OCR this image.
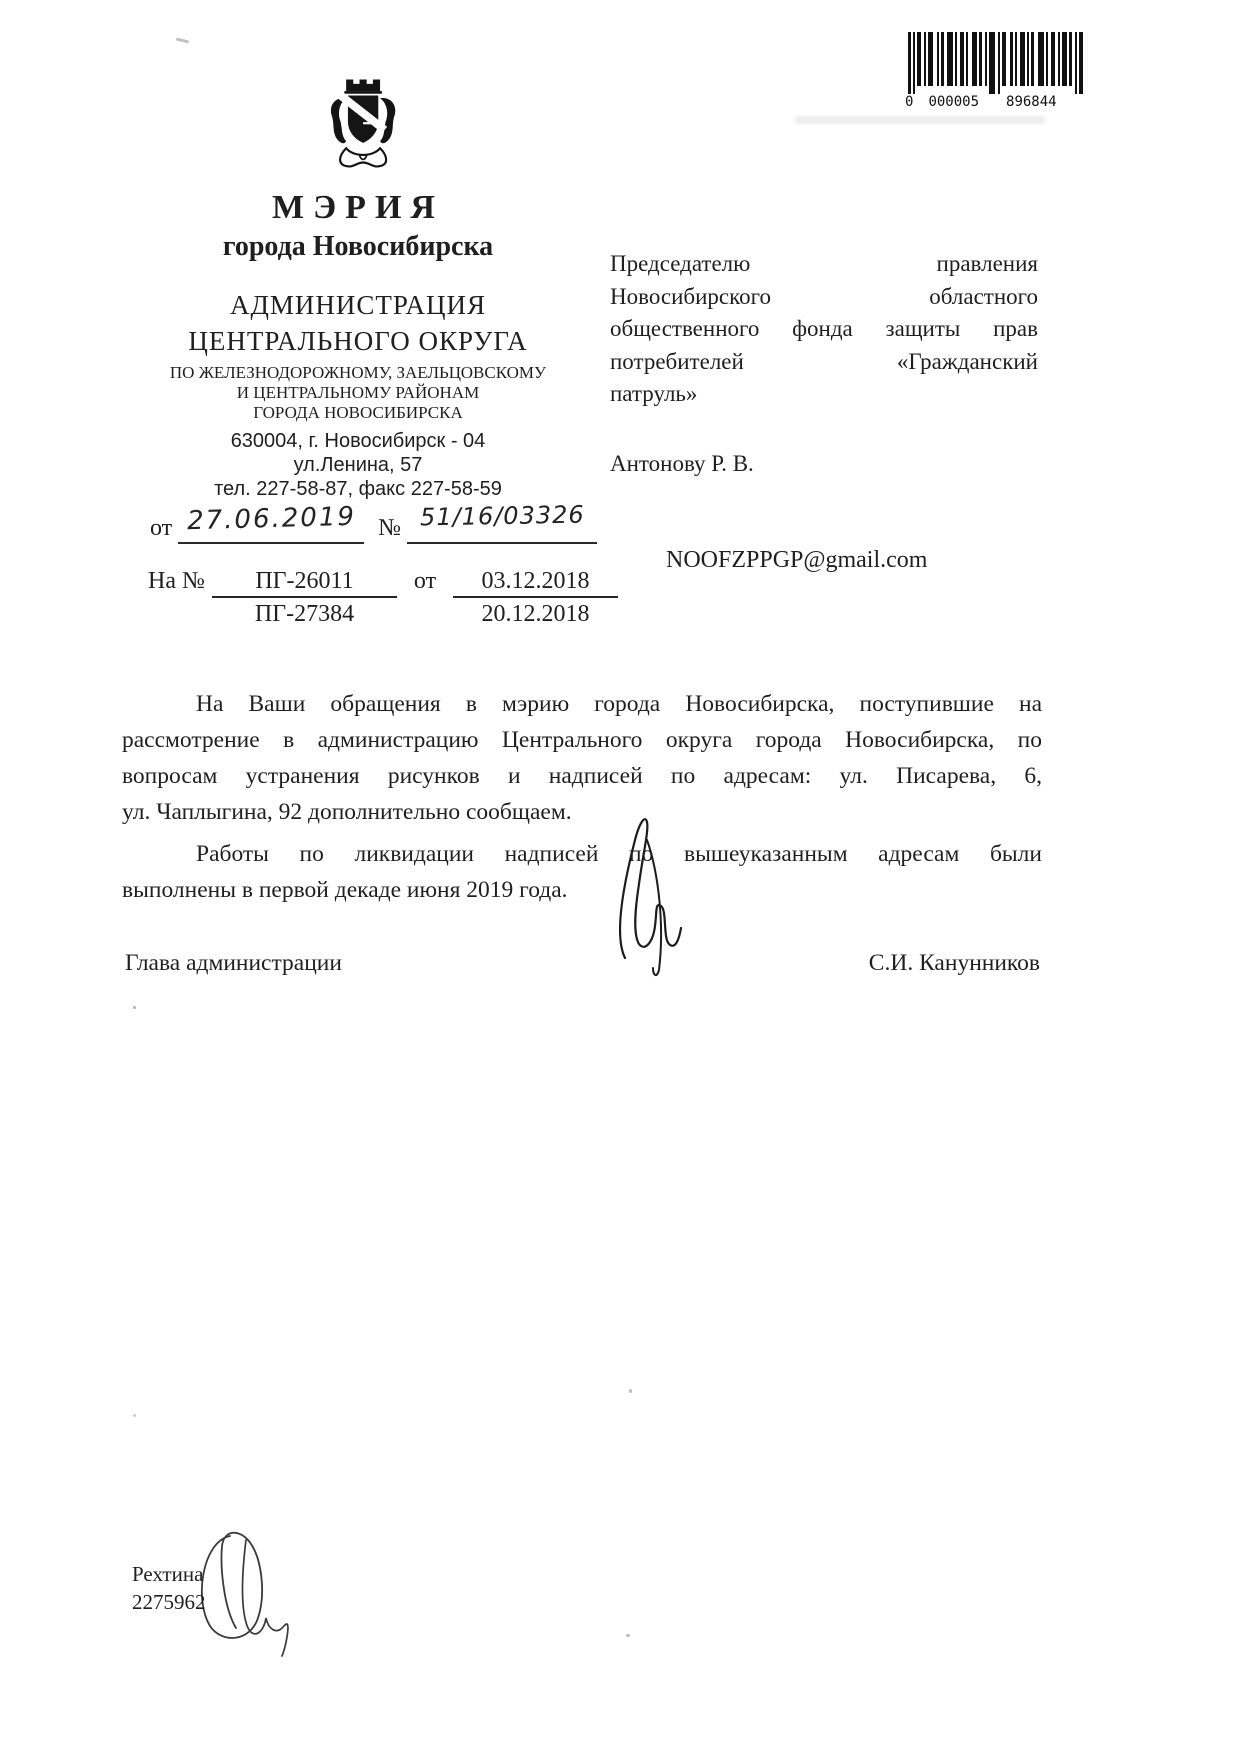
0 000005 896844
МЭРИЯ
города Новосибирска
АДМИНИСТРАЦИЯ
ЦЕНТРАЛЬНОГО ОКРУГА
ПО ЖЕЛЕЗНОДОРОЖНОМУ, ЗАЕЛЬЦОВСКОМУ
И ЦЕНТРАЛЬНОМУ РАЙОНАМ
ГОРОДА НОВОСИБИРСКА
630004, г. Новосибирск - 04
ул.Ленина, 57
тел. 227-58-87, факс 227-58-59
от 27.06.2019 № 51/16/03326
На №	ПГ-26011	от	03.12.2018
ПГ-27384	20.12.2018
Председателю правления
Новосибирского областного
общественного фонда защиты прав
потребителей «Гражданский
патруль»
Антонову Р. В.
NOOFZPPGP@gmail.com
На Ваши обращения в мэрию города Новосибирска, поступившие на
рассмотрение в администрацию Центрального округа города Новосибирска, по
вопросам устранения рисунков и надписей по адресам: ул. Писарева, 6,
ул. Чаплыгина, 92 дополнительно сообщаем.
Работы по ликвидации надписей по вышеуказанным адресам были
выполнены в первой декаде июня 2019 года.
Глава администрации	С.И. Канунников
Рехтина
2275962
